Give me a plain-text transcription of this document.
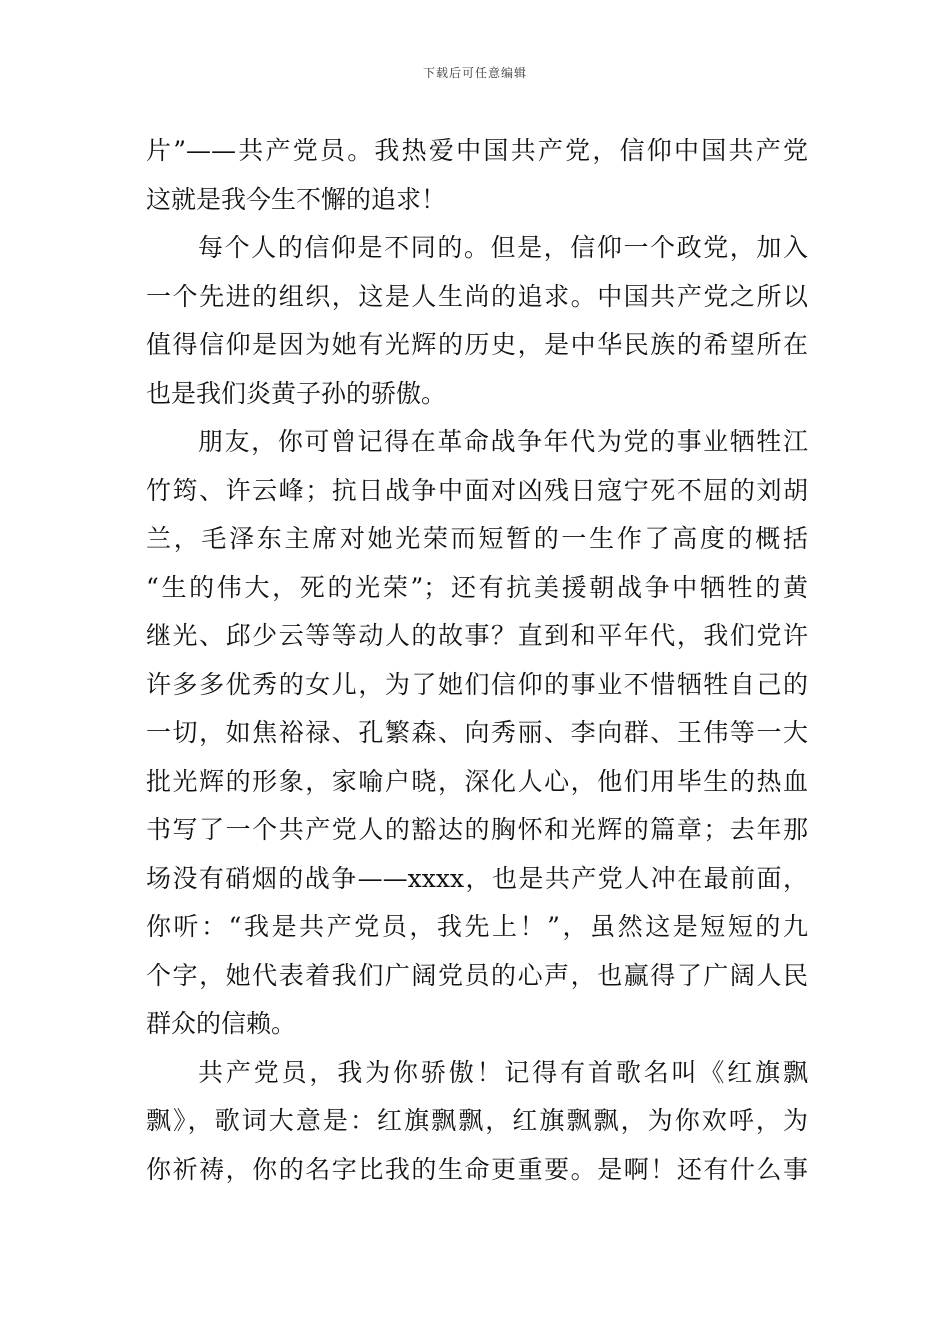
下载后可任意编辑
片”——共产党员。我热爱中国共产党，信仰中国共产党
这就是我今生不懈的追求！
每个人的信仰是不同的。但是，信仰一个政党，加入
一个先进的组织，这是人生尚的追求。中国共产党之所以
值得信仰是因为她有光辉的历史，是中华民族的希望所在
也是我们炎黄子孙的骄傲。
朋友，你可曾记得在革命战争年代为党的事业牺牲江
竹筠、许云峰；抗日战争中面对凶残日寇宁死不屈的刘胡
兰，毛泽东主席对她光荣而短暂的一生作了高度的概括
“生的伟大，死的光荣”；还有抗美援朝战争中牺牲的黄
继光、邱少云等等动人的故事？直到和平年代，我们党许
许多多优秀的女儿，为了她们信仰的事业不惜牺牲自己的
一切，如焦裕禄、孔繁森、向秀丽、李向群、王伟等一大
批光辉的形象，家喻户晓，深化人心，他们用毕生的热血
书写了一个共产党人的豁达的胸怀和光辉的篇章；去年那
场没有硝烟的战争——xxxx，也是共产党人冲在最前面，
你听：“我是共产党员，我先上！”，虽然这是短短的九
个字，她代表着我们广阔党员的心声，也赢得了广阔人民
群众的信赖。
共产党员，我为你骄傲！记得有首歌名叫《红旗飘
飘》，歌词大意是：红旗飘飘，红旗飘飘，为你欢呼，为
你祈祷，你的名字比我的生命更重要。是啊！还有什么事
